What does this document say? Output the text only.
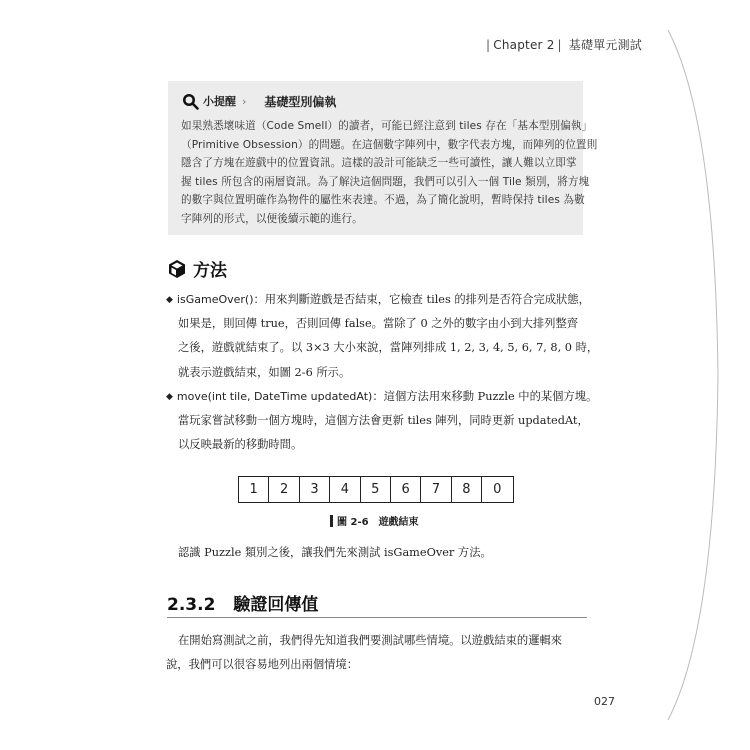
| Chapter 2 | 基礎單元測試
小提醒 › 基礎型別偏執
如果熟悉壞味道（Code Smell）的讀者，可能已經注意到 tiles 存在「基本型別偏執」
（Primitive Obsession）的問題。在這個數字陣列中，數字代表方塊，而陣列的位置則
隱含了方塊在遊戲中的位置資訊。這樣的設計可能缺乏一些可讀性，讓人難以立即掌
握 tiles 所包含的兩層資訊。為了解決這個問題，我們可以引入一個 Tile 類別，將方塊
的數字與位置明確作為物件的屬性來表達。不過，為了簡化說明，暫時保持 tiles 為數
字陣列的形式，以便後續示範的進行。
方法
◆ isGameOver()：用來判斷遊戲是否結束，它檢查 tiles 的排列是否符合完成狀態，
如果是，則回傳 true，否則回傳 false。當除了 0 之外的數字由小到大排列整齊
之後，遊戲就結束了。以 3×3 大小來說，當陣列排成 1, 2, 3, 4, 5, 6, 7, 8, 0 時，
就表示遊戲結束，如圖 2-6 所示。
◆ move(int tile, DateTime updatedAt)：這個方法用來移動 Puzzle 中的某個方塊。
當玩家嘗試移動一個方塊時，這個方法會更新 tiles 陣列，同時更新 updatedAt，
以反映最新的移動時間。
1	2	3	4	5	6	7	8	0
圖 2-6 遊戲結束
認識 Puzzle 類別之後，讓我們先來測試 isGameOver 方法。
2.3.2 驗證回傳值
在開始寫測試之前，我們得先知道我們要測試哪些情境。以遊戲結束的邏輯來
說，我們可以很容易地列出兩個情境：
027
